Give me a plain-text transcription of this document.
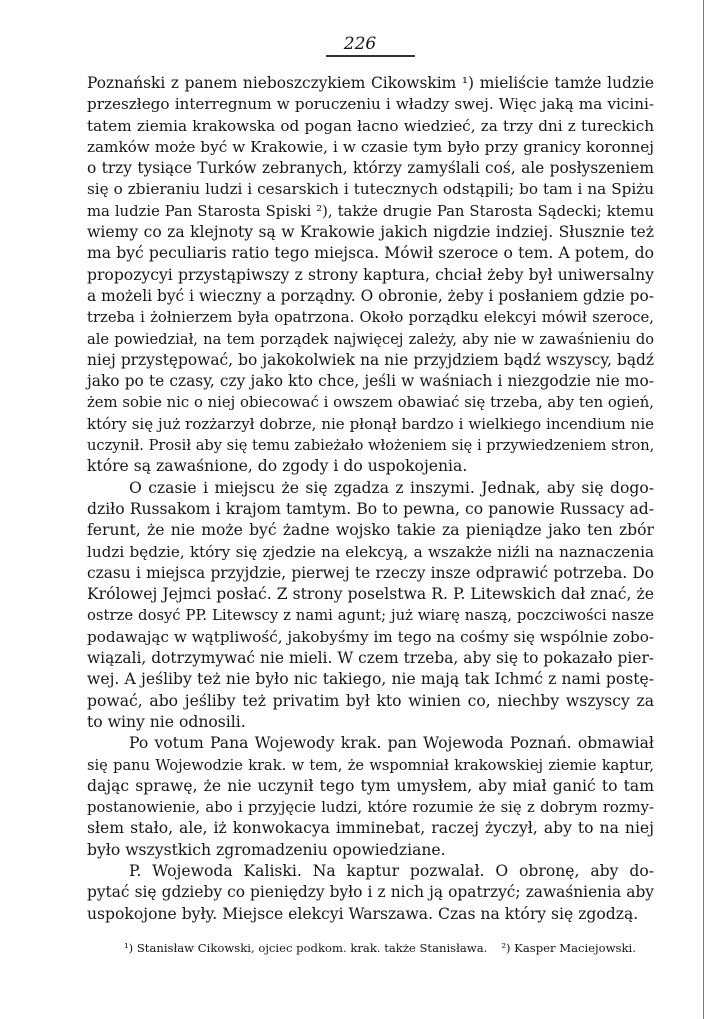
226
Poznański z panem nieboszczykiem Cikowskim ¹) mieliście tamże ludzie
przeszłego interregnum w poruczeniu i władzy swej. Więc jaką ma vicini-
tatem ziemia krakowska od pogan łacno wiedzieć, za trzy dni z tureckich
zamków może być w Krakowie, i w czasie tym było przy granicy koronnej
o trzy tysiące Turków zebranych, którzy zamyślali coś, ale posłyszeniem
się o zbieraniu ludzi i cesarskich i tutecznych odstąpili; bo tam i na Spiżu
ma ludzie Pan Starosta Spiski ²), także drugie Pan Starosta Sądecki; ktemu
wiemy co za klejnoty są w Krakowie jakich nigdzie indziej. Słusznie też
ma być peculiaris ratio tego miejsca. Mówił szeroce o tem. A potem, do
propozycyi przystąpiwszy z strony kaptura, chciał żeby był uniwersalny
a możeli być i wieczny a porządny. O obronie, żeby i posłaniem gdzie po-
trzeba i żołnierzem była opatrzona. Około porządku elekcyi mówił szeroce,
ale powiedział, na tem porządek najwięcej zależy, aby nie w zawaśnieniu do
niej przystępować, bo jakokolwiek na nie przyjdziem bądź wszyscy, bądź
jako po te czasy, czy jako kto chce, jeśli w waśniach i niezgodzie nie mo-
żem sobie nic o niej obiecować i owszem obawiać się trzeba, aby ten ogień,
który się już rozżarzył dobrze, nie płonął bardzo i wielkiego incendium nie
uczynił. Prosił aby się temu zabieżało włożeniem się i przywiedzeniem stron,
które są zawaśnione, do zgody i do uspokojenia.
O czasie i miejscu że się zgadza z inszymi. Jednak, aby się dogo-
dziło Russakom i krajom tamtym. Bo to pewna, co panowie Russacy ad-
ferunt, że nie może być żadne wojsko takie za pieniądze jako ten zbór
ludzi będzie, który się zjedzie na elekcyą, a wszakże niźli na naznaczenia
czasu i miejsca przyjdzie, pierwej te rzeczy insze odprawić potrzeba. Do
Królowej Jejmci posłać. Z strony poselstwa R. P. Litewskich dał znać, że
ostrze dosyć PP. Litewscy z nami agunt; już wiarę naszą, poczciwości nasze
podawając w wątpliwość, jakobyśmy im tego na cośmy się wspólnie zobo-
wiązali, dotrzymywać nie mieli. W czem trzeba, aby się to pokazało pier-
wej. A jeśliby też nie było nic takiego, nie mają tak Ichmć z nami postę-
pować, abo jeśliby też privatim był kto winien co, niechby wszyscy za
to winy nie odnosili.
Po votum Pana Wojewody krak. pan Wojewoda Poznań. obmawiał
się panu Wojewodzie krak. w tem, że wspomniał krakowskiej ziemie kaptur,
dając sprawę, że nie uczynił tego tym umysłem, aby miał ganić to tam
postanowienie, abo i przyjęcie ludzi, które rozumie że się z dobrym rozmy-
słem stało, ale, iż konwokacya imminebat, raczej życzył, aby to na niej
było wszystkich zgromadzeniu opowiedziane.
P. Wojewoda Kaliski. Na kaptur pozwalał. O obronę, aby do-
pytać się gdzieby co pieniędzy było i z nich ją opatrzyć; zawaśnienia aby
uspokojone były. Miejsce elekcyi Warszawa. Czas na który się zgodzą.
¹) Stanisław Cikowski, ojciec podkom. krak. także Stanisława. ²) Kasper Maciejowski.
